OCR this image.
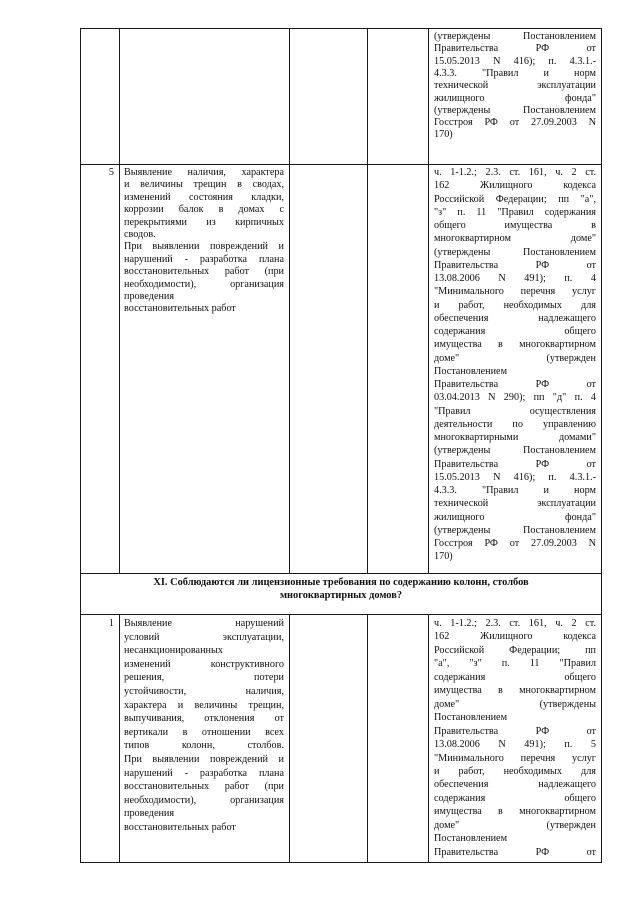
(утверждены Постановлением
Правительства РФ от
15.05.2013 N 416); п. 4.3.1.-
4.3.3. "Правил и норм
технической эксплуатации
жилищного фонда"
(утверждены Постановлением
Госстроя РФ от 27.09.2003 N
170)
5 Выявление наличия, характера
и величины трещин в сводах,
изменений состояния кладки,
коррозии балок в домах с
перекрытиями из кирпичных
сводов.
При выявлении повреждений и
нарушений - разработка плана
восстановительных работ (при
необходимости), организация
проведения
восстановительных работ
ч. 1-1.2.; 2.3. ст. 161, ч. 2 ст.
162 Жилищного кодекса
Российской Федерации; пп "а",
"з" п. 11 "Правил содержания
общего имущества в
многоквартирном доме"
(утверждены Постановлением
Правительства РФ от
13.08.2006 N 491); п. 4
"Минимального перечня услуг
и работ, необходимых для
обеспечения надлежащего
содержания общего
имущества в многоквартирном
доме" (утвержден
Постановлением
Правительства РФ от
03.04.2013 N 290); пп "д" п. 4
"Правил осуществления
деятельности по управлению
многоквартирными домами"
(утверждены Постановлением
Правительства РФ от
15.05.2013 N 416); п. 4.3.1.-
4.3.3. "Правил и норм
технической эксплуатации
жилищного фонда"
(утверждены Постановлением
Госстроя РФ от 27.09.2003 N
170)
XI. Соблюдаются ли лицензионные требования по содержанию колонн, столбов
многоквартирных домов?
1 Выявление нарушений
условий эксплуатации,
несанкционированных
изменений конструктивного
решения, потери
устойчивости, наличия,
характера и величины трещин,
выпучивания, отклонения от
вертикали в отношении всех
типов колонн, столбов.
При выявлении повреждений и
нарушений - разработка плана
восстановительных работ (при
необходимости), организация
проведения
восстановительных работ
ч. 1-1.2.; 2.3. ст. 161, ч. 2 ст.
162 Жилищного кодекса
Российской Федерации; пп
"а", "з" п. 11 "Правил
содержания общего
имущества в многоквартирном
доме" (утверждены
Постановлением
Правительства РФ от
13.08.2006 N 491); п. 5
"Минимального перечня услуг
и работ, необходимых для
обеспечения надлежащего
содержания общего
имущества в многоквартирном
доме" (утвержден
Постановлением
Правительства РФ от
